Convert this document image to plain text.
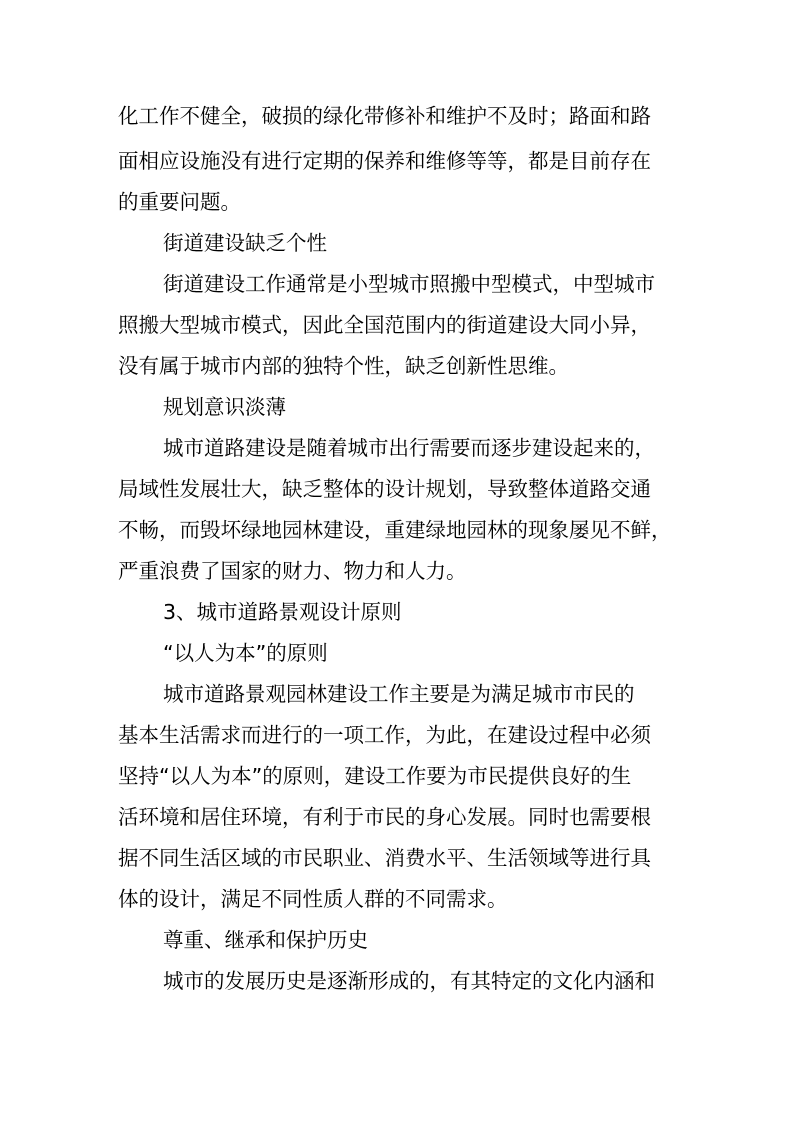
化工作不健全，破损的绿化带修补和维护不及时；路面和路
面相应设施没有进行定期的保养和维修等等，都是目前存在
的重要问题。
街道建设缺乏个性
街道建设工作通常是小型城市照搬中型模式，中型城市
照搬大型城市模式，因此全国范围内的街道建设大同小异，
没有属于城市内部的独特个性，缺乏创新性思维。
规划意识淡薄
城市道路建设是随着城市出行需要而逐步建设起来的，
局域性发展壮大，缺乏整体的设计规划，导致整体道路交通
不畅，而毁坏绿地园林建设，重建绿地园林的现象屡见不鲜，
严重浪费了国家的财力、物力和人力。
3、城市道路景观设计原则
“以人为本”的原则
城市道路景观园林建设工作主要是为满足城市市民的
基本生活需求而进行的一项工作，为此，在建设过程中必须
坚持“以人为本”的原则，建设工作要为市民提供良好的生
活环境和居住环境，有利于市民的身心发展。同时也需要根
据不同生活区域的市民职业、消费水平、生活领域等进行具
体的设计，满足不同性质人群的不同需求。
尊重、继承和保护历史
城市的发展历史是逐渐形成的，有其特定的文化内涵和
